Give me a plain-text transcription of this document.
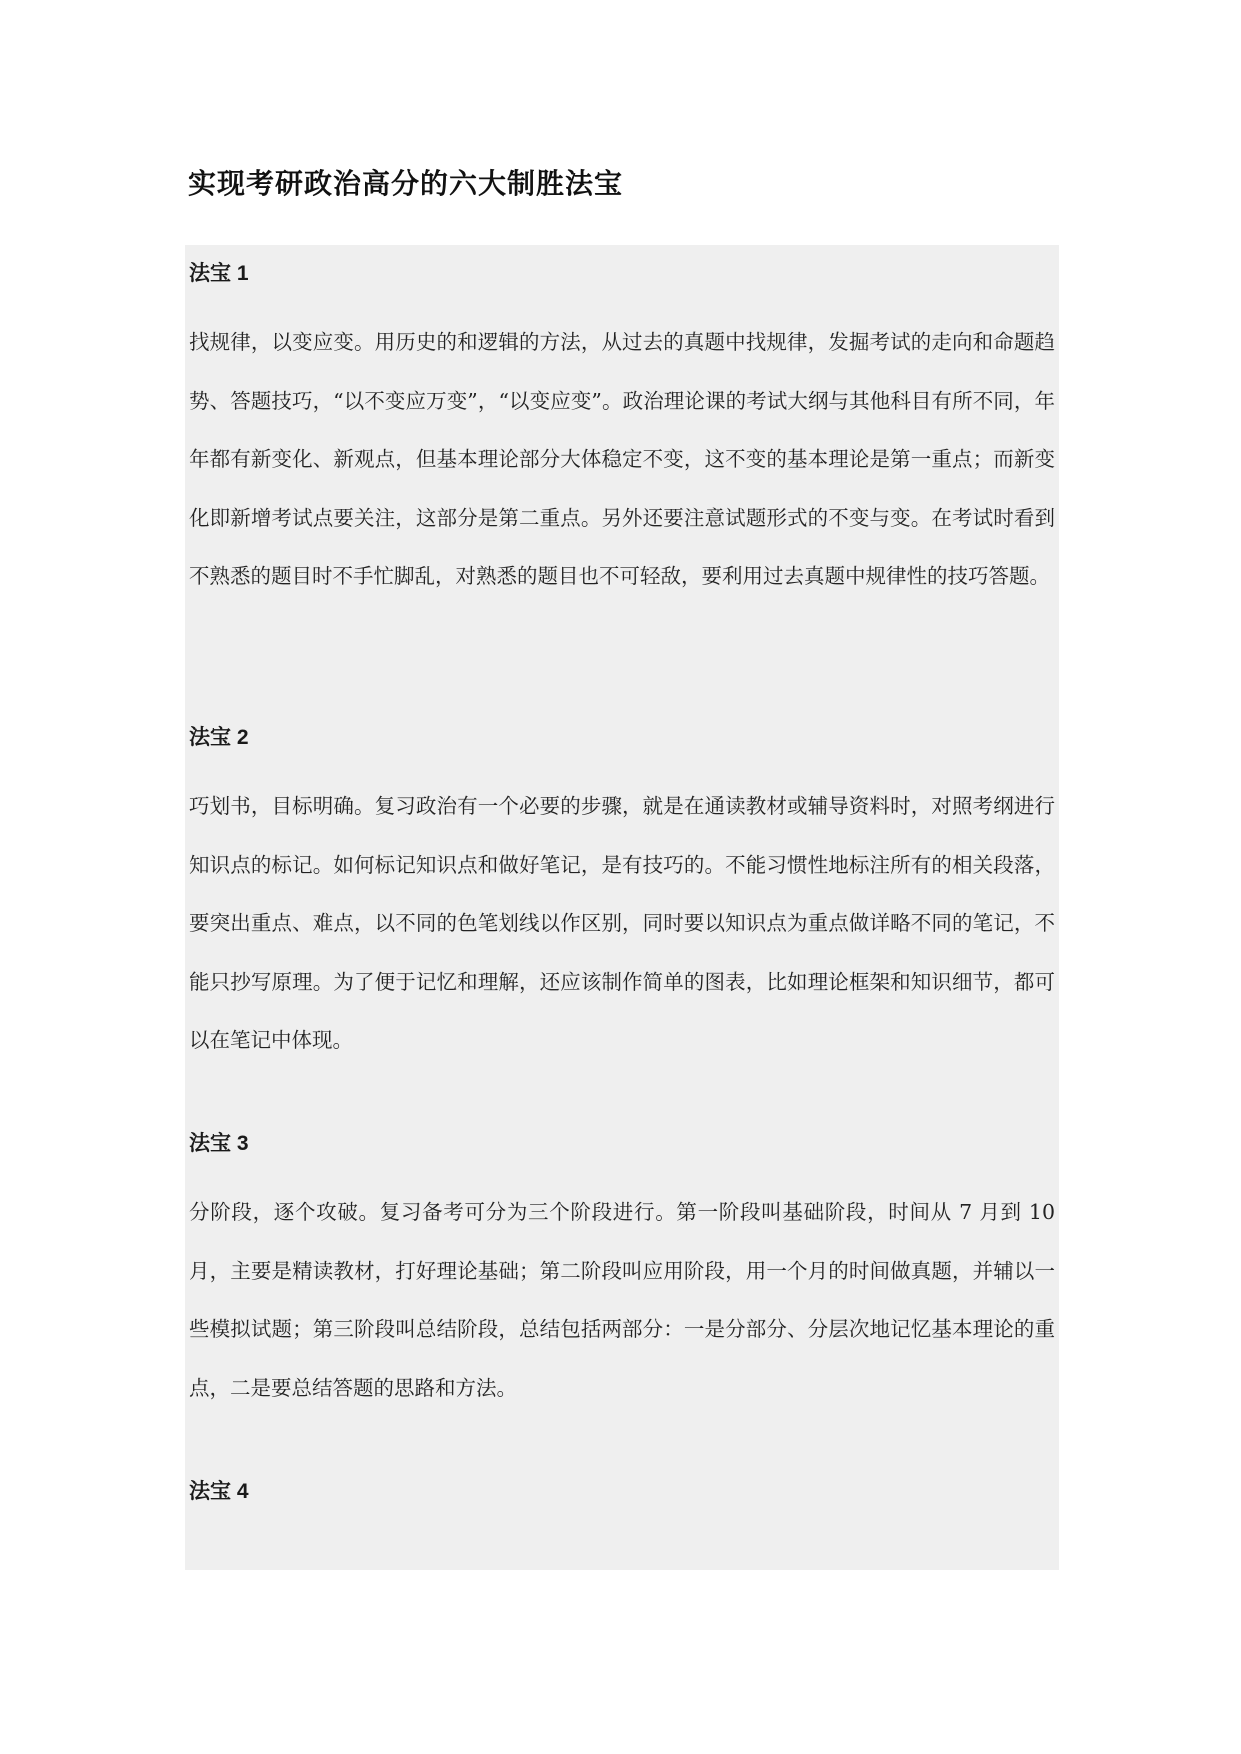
实现考研政治高分的六大制胜法宝
法宝 1

找规律，以变应变。用历史的和逻辑的方法，从过去的真题中找规律，发掘考试的走向和命题趋势、答题技巧，“以不变应万变”，“以变应变”。政治理论课的考试大纲与其他科目有所不同，年年都有新变化、新观点，但基本理论部分大体稳定不变，这不变的基本理论是第一重点；而新变化即新增考试点要关注，这部分是第二重点。另外还要注意试题形式的不变与变。在考试时看到不熟悉的题目时不手忙脚乱，对熟悉的题目也不可轻敌，要利用过去真题中规律性的技巧答题。

法宝 2

巧划书，目标明确。复习政治有一个必要的步骤，就是在通读教材或辅导资料时，对照考纲进行知识点的标记。如何标记知识点和做好笔记，是有技巧的。不能习惯性地标注所有的相关段落，要突出重点、难点，以不同的色笔划线以作区别，同时要以知识点为重点做详略不同的笔记，不能只抄写原理。为了便于记忆和理解，还应该制作简单的图表，比如理论框架和知识细节，都可以在笔记中体现。

法宝 3

分阶段，逐个攻破。复习备考可分为三个阶段进行。第一阶段叫基础阶段，时间从 7 月到 10 月，主要是精读教材，打好理论基础；第二阶段叫应用阶段，用一个月的时间做真题，并辅以一些模拟试题；第三阶段叫总结阶段，总结包括两部分：一是分部分、分层次地记忆基本理论的重点，二是要总结答题的思路和方法。

法宝 4
